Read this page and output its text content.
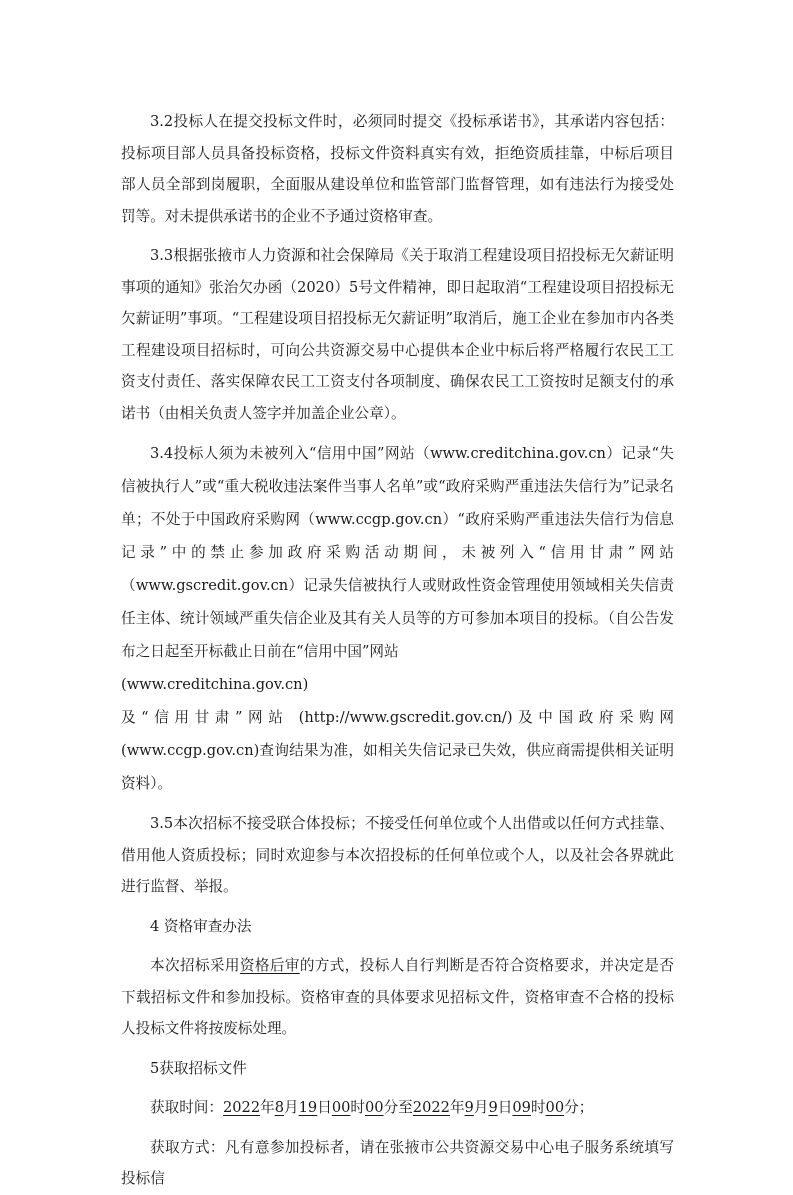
3.2投标人在提交投标文件时，必须同时提交《投标承诺书》，其承诺内容包括：投标项目部人员具备投标资格，投标文件资料真实有效，拒绝资质挂靠，中标后项目部人员全部到岗履职，全面服从建设单位和监管部门监督管理，如有违法行为接受处罚等。对未提供承诺书的企业不予通过资格审查。

3.3根据张掖市人力资源和社会保障局《关于取消工程建设项目招投标无欠薪证明事项的通知》张治欠办函（2020）5号文件精神，即日起取消“工程建设项目招投标无欠薪证明”事项。“工程建设项目招投标无欠薪证明”取消后，施工企业在参加市内各类工程建设项目招标时，可向公共资源交易中心提供本企业中标后将严格履行农民工工资支付责任、落实保障农民工工资支付各项制度、确保农民工工资按时足额支付的承诺书（由相关负责人签字并加盖企业公章）。

3.4投标人须为未被列入“信用中国”网站（www.creditchina.gov.cn）记录“失信被执行人”或“重大税收违法案件当事人名单”或“政府采购严重违法失信行为”记录名单；不处于中国政府采购网（www.ccgp.gov.cn）“政府采购严重违法失信行为信息记录”中的禁止参加政府采购活动期间，未被列入“信用甘肃”网站（www.gscredit.gov.cn）记录失信被执行人或财政性资金管理使用领域相关失信责任主体、统计领域严重失信企业及其有关人员等的方可参加本项目的投标。（自公告发布之日起至开标截止日前在“信用中国”网站

(www.creditchina.gov.cn)

及“信用甘肃”网站 (http://www.gscredit.gov.cn/)及中国政府采购网(www.ccgp.gov.cn)查询结果为准，如相关失信记录已失效，供应商需提供相关证明资料）。

3.5本次招标不接受联合体投标；不接受任何单位或个人出借或以任何方式挂靠、借用他人资质投标；同时欢迎参与本次招投标的任何单位或个人，以及社会各界就此进行监督、举报。

4 资格审查办法

本次招标采用资格后审的方式，投标人自行判断是否符合资格要求，并决定是否下载招标文件和参加投标。资格审查的具体要求见招标文件，资格审查不合格的投标人投标文件将按废标处理。

5获取招标文件

获取时间：2022年8月19日00时00分至2022年9月9日09时00分；

获取方式：凡有意参加投标者，请在张掖市公共资源交易中心电子服务系统填写投标信
